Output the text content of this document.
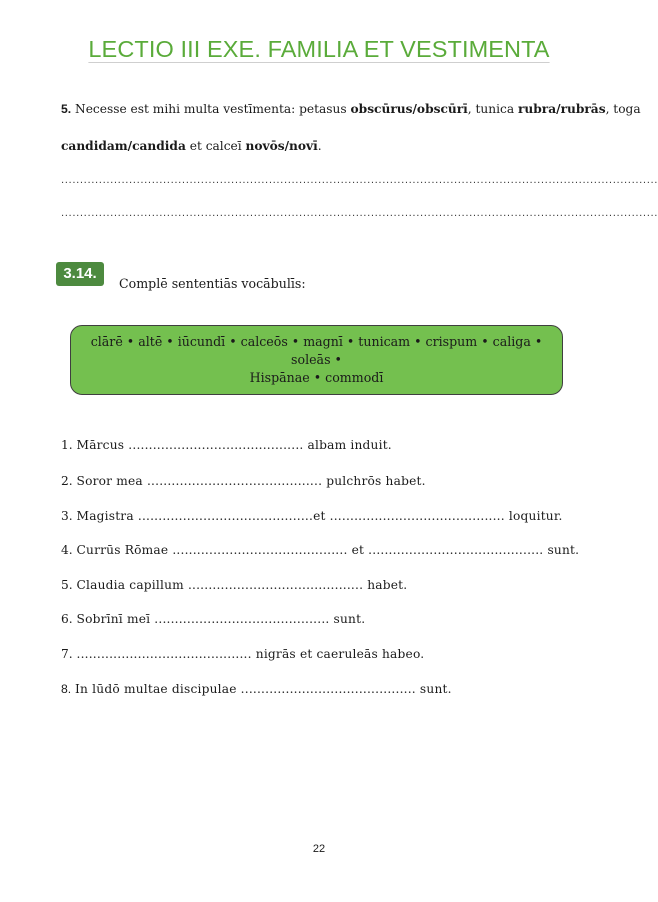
LECTIO III EXE. FAMILIA ET VESTIMENTA
5. Necesse est mihi multa vestīmenta: petasus obscūrus/obscūrī, tunica rubra/rubrās, toga
candidam/candida et calceī novōs/novī.
..............................................................................................................................................................
..............................................................................................................................................................
3.14.
Complē sententiās vocābulīs:
clārē • altē • iūcundī • calceōs • magnī • tunicam • crispum • caliga • soleās •
Hispānae • commodī
1. Mārcus ........................................... albam induit.
2. Soror mea ........................................... pulchrōs habet.
3. Magistra ...........................................et ........................................... loquitur.
4. Currūs Rōmae ........................................... et ........................................... sunt.
5. Claudia capillum ........................................... habet.
6. Sobrīnī meī ........................................... sunt.
7. ........................................... nigrās et caeruleās habeo.
8. In lūdō multae discipulae ........................................... sunt.
22
